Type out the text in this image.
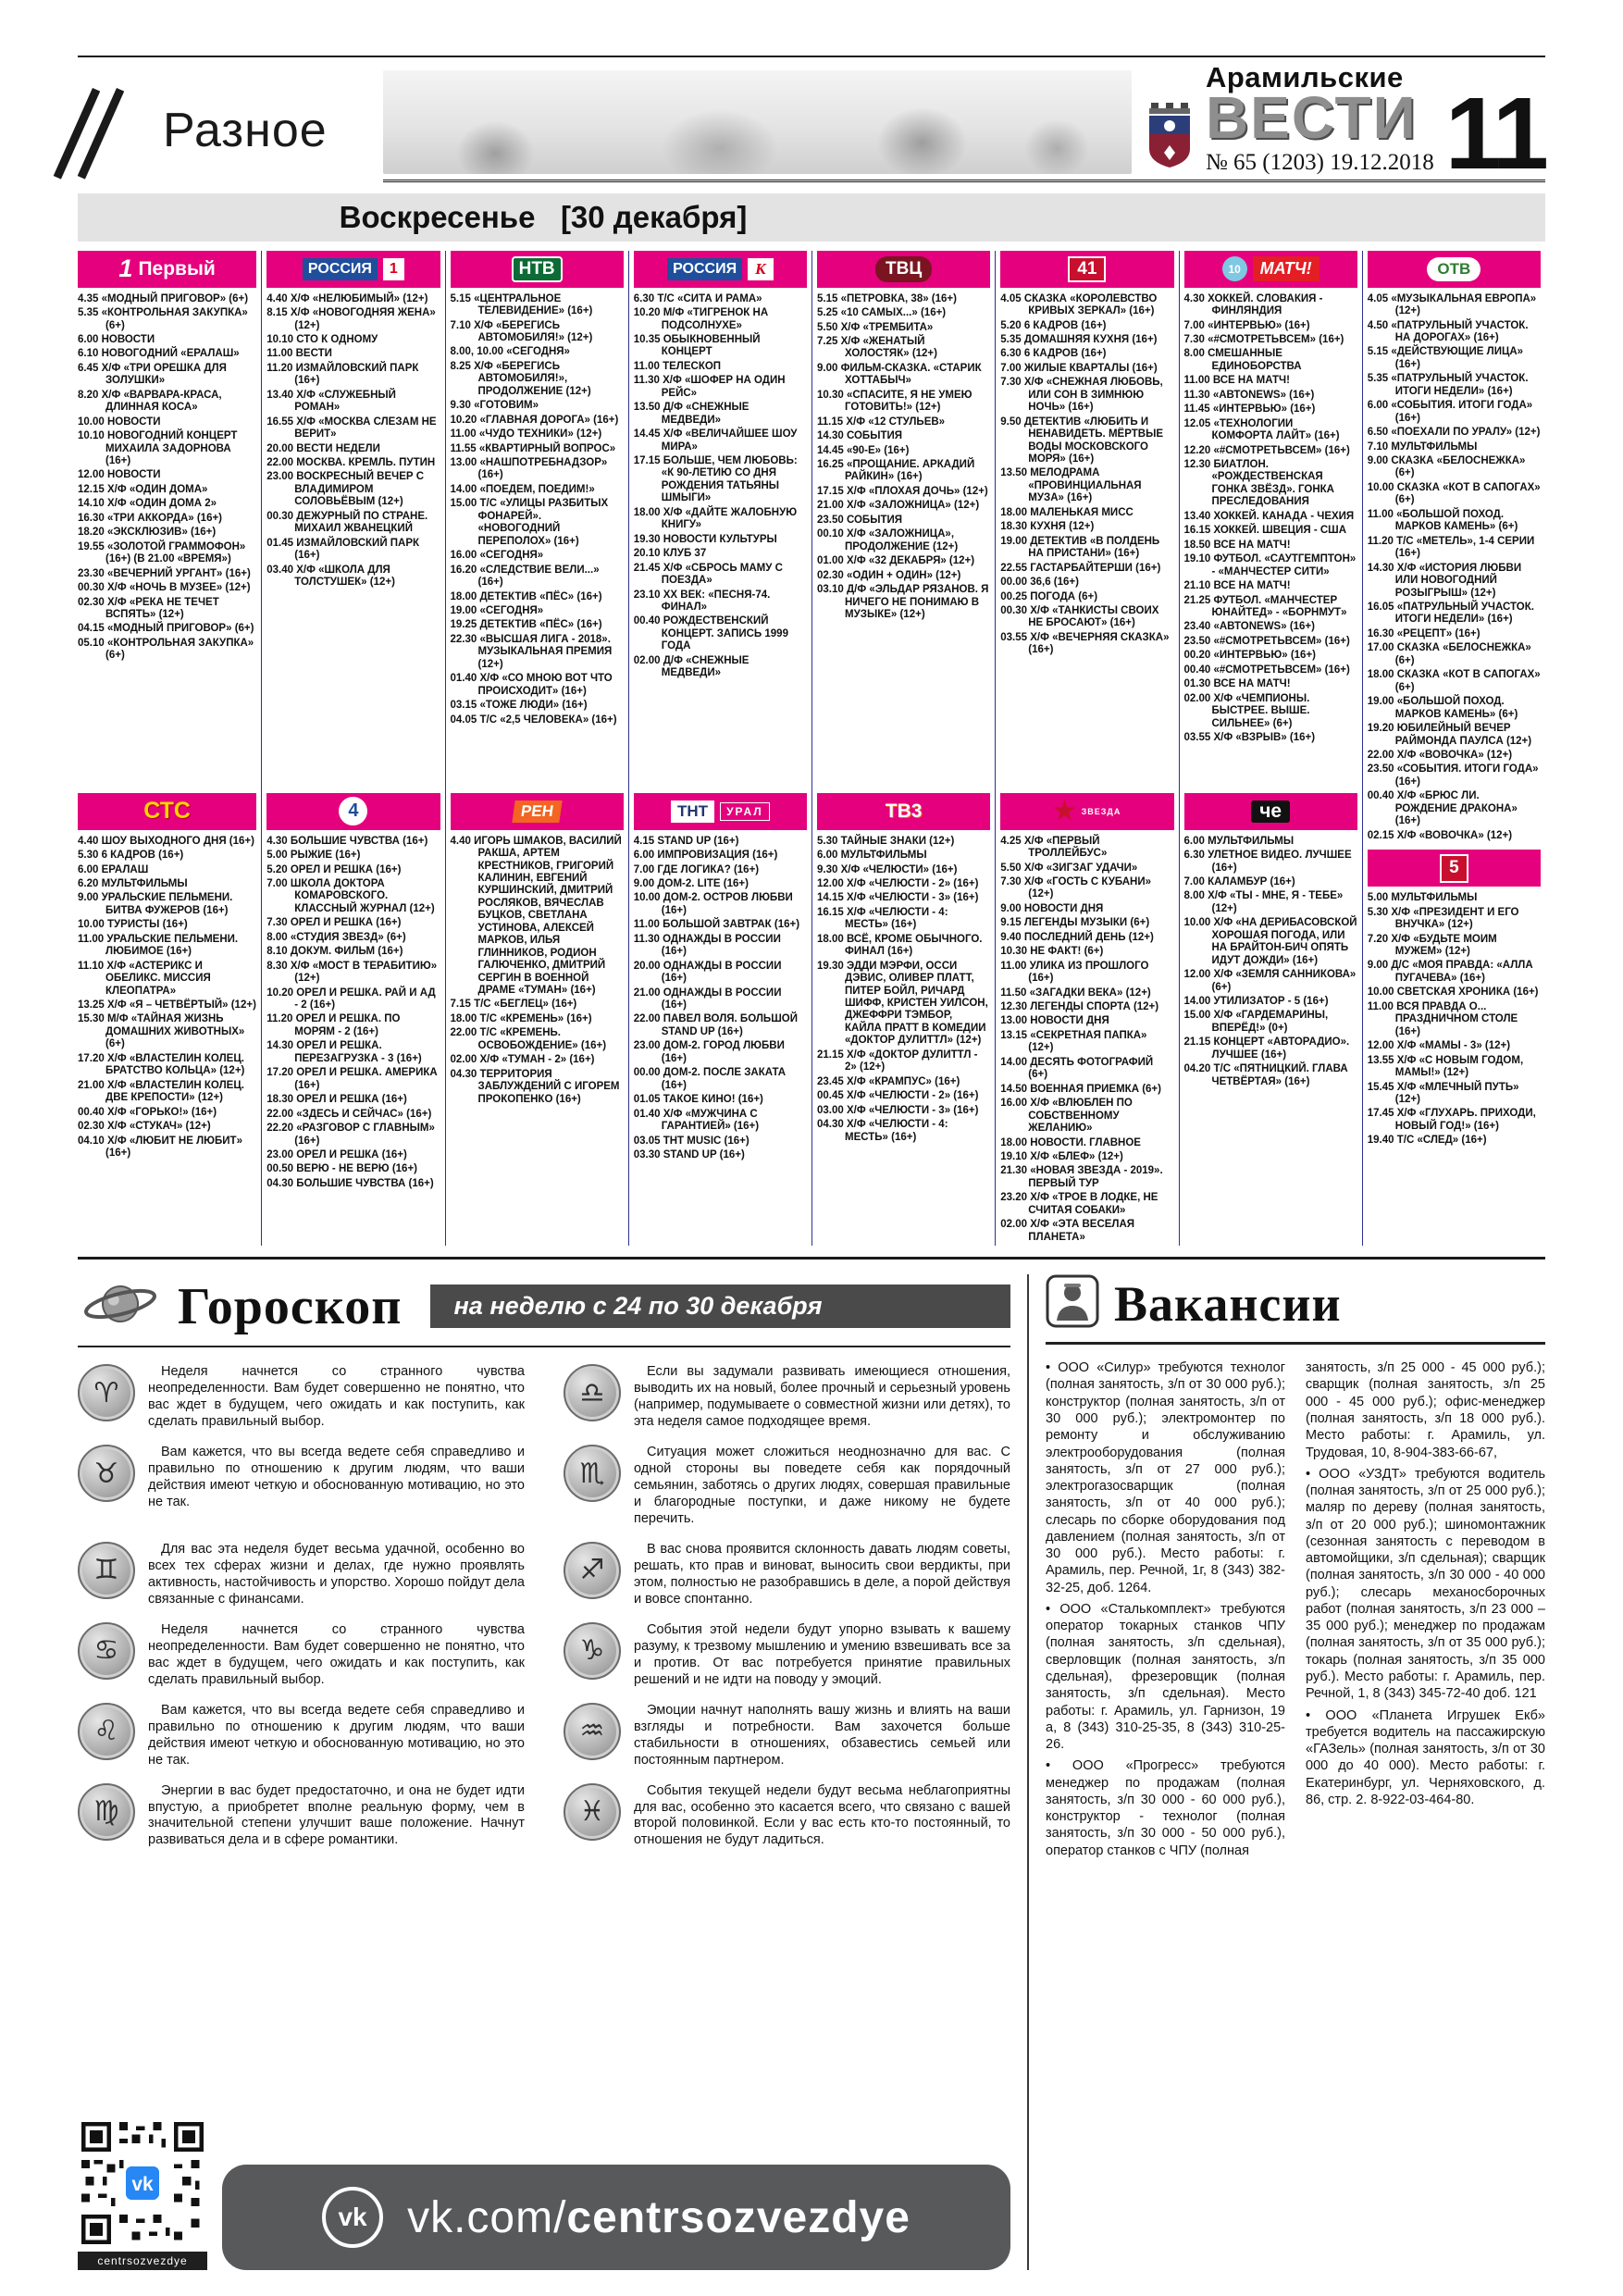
Разное
Арамильские
ВЕСТИ
№ 65 (1203) 19.12.2018 11
Воскресенье   [30 декабря]
1 Первый

4.35 «МОДНЫЙ ПРИГОВОР» (6+)

5.35 «КОНТРОЛЬНАЯ ЗАКУПКА» (6+)

6.00 НОВОСТИ

6.10 НОВОГОДНИЙ «ЕРАЛАШ»

6.45 Х/Ф «ТРИ ОРЕШКА ДЛЯ ЗОЛУШКИ»

8.20 Х/Ф «ВАРВАРА-КРАСА, ДЛИННАЯ КОСА»

10.00 НОВОСТИ

10.10 НОВОГОДНИЙ КОНЦЕРТ МИХАИЛА ЗАДОРНОВА (16+)

12.00 НОВОСТИ

12.15 Х/Ф «ОДИН ДОМА»

14.10 Х/Ф «ОДИН ДОМА 2»

16.30 «ТРИ АККОРДА» (16+)

18.20 «ЭКСКЛЮЗИВ» (16+)

19.55 «ЗОЛОТОЙ ГРАММОФОН» (16+) (В 21.00 «ВРЕМЯ»)

23.30 «ВЕЧЕРНИЙ УРГАНТ» (16+)

00.30 Х/Ф «НОЧЬ В МУЗЕЕ» (12+)

02.30 Х/Ф «РЕКА НЕ ТЕЧЕТ ВСПЯТЬ» (12+)

04.15 «МОДНЫЙ ПРИГОВОР» (6+)

05.10 «КОНТРОЛЬНАЯ ЗАКУПКА» (6+)

СТС

4.40 ШОУ ВЫХОДНОГО ДНЯ (16+)

5.30 6 КАДРОВ (16+)

6.00 ЕРАЛАШ

6.20 МУЛЬТФИЛЬМЫ

9.00 УРАЛЬСКИЕ ПЕЛЬМЕНИ. БИТВА ФУЖЕРОВ (16+)

10.00 ТУРИСТЫ (16+)

11.00 УРАЛЬСКИЕ ПЕЛЬМЕНИ. ЛЮБИМОЕ (16+)

11.10 Х/Ф «АСТЕРИКС И ОБЕЛИКС. МИССИЯ КЛЕОПАТРА»

13.25 Х/Ф «Я – ЧЕТВЁРТЫЙ» (12+)

15.30 М/Ф «ТАЙНАЯ ЖИЗНЬ ДОМАШНИХ ЖИВОТНЫХ» (6+)

17.20 Х/Ф «ВЛАСТЕЛИН КОЛЕЦ. БРАТСТВО КОЛЬЦА» (12+)

21.00 Х/Ф «ВЛАСТЕЛИН КОЛЕЦ. ДВЕ КРЕПОСТИ» (12+)

00.40 Х/Ф «ГОРЬКО!» (16+)

02.30 Х/Ф «СТУКАЧ» (12+)

04.10 Х/Ф «ЛЮБИТ НЕ ЛЮБИТ» (16+)

РОССИЯ	1

4.40 Х/Ф «НЕЛЮБИМЫЙ» (12+)

8.15 Х/Ф «НОВОГОДНЯЯ ЖЕНА» (12+)

10.10 СТО К ОДНОМУ

11.00 ВЕСТИ

11.20 ИЗМАЙЛОВСКИЙ ПАРК (16+)

13.40 Х/Ф «СЛУЖЕБНЫЙ РОМАН»

16.55 Х/Ф «МОСКВА СЛЕЗАМ НЕ ВЕРИТ»

20.00 ВЕСТИ НЕДЕЛИ

22.00 МОСКВА. КРЕМЛЬ. ПУТИН

23.00 ВОСКРЕСНЫЙ ВЕЧЕР С ВЛАДИМИРОМ СОЛОВЬЁВЫМ (12+)

00.30 ДЕЖУРНЫЙ ПО СТРАНЕ. МИХАИЛ ЖВАНЕЦКИЙ

01.45 ИЗМАЙЛОВСКИЙ ПАРК (16+)

03.40 Х/Ф «ШКОЛА ДЛЯ ТОЛСТУШЕК» (12+)

4

4.30 БОЛЬШИЕ ЧУВСТВА (16+)

5.00 РЫЖИЕ (16+)

5.20 ОРЕЛ И РЕШКА (16+)

7.00 ШКОЛА ДОКТОРА КОМАРОВСКОГО. КЛАССНЫЙ ЖУРНАЛ (12+)

7.30 ОРЕЛ И РЕШКА (16+)

8.00 «СТУДИЯ ЗВЕЗД» (6+)

8.10 ДОКУМ. ФИЛЬМ (16+)

8.30 Х/Ф «МОСТ В ТЕРАБИТИЮ» (12+)

10.20 ОРЕЛ И РЕШКА. РАЙ И АД - 2 (16+)

11.20 ОРЕЛ И РЕШКА. ПО МОРЯМ - 2 (16+)

14.30 ОРЕЛ И РЕШКА. ПЕРЕЗАГРУЗКА - 3 (16+)

17.20 ОРЕЛ И РЕШКА. АМЕРИКА (16+)

18.30 ОРЕЛ И РЕШКА (16+)

22.00 «ЗДЕСЬ И СЕЙЧАС» (16+)

22.20 «РАЗГОВОР С ГЛАВНЫМ» (16+)

23.00 ОРЕЛ И РЕШКА (16+)

00.50 ВЕРЮ - НЕ ВЕРЮ (16+)

04.30 БОЛЬШИЕ ЧУВСТВА (16+)

НТВ

5.15 «ЦЕНТРАЛЬНОЕ ТЕЛЕВИДЕНИЕ» (16+)

7.10 Х/Ф «БЕРЕГИСЬ АВТОМОБИЛЯ!» (12+)

8.00, 10.00 «СЕГОДНЯ»

8.25 Х/Ф «БЕРЕГИСЬ АВТОМОБИЛЯ!», ПРОДОЛЖЕНИЕ (12+)

9.30 «ГОТОВИМ»

10.20 «ГЛАВНАЯ ДОРОГА» (16+)

11.00 «ЧУДО ТЕХНИКИ» (12+)

11.55 «КВАРТИРНЫЙ ВОПРОС»

13.00 «НАШПОТРЕБНАДЗОР» (16+)

14.00 «ПОЕДЕМ, ПОЕДИМ!»

15.00 Т/С «УЛИЦЫ РАЗБИТЫХ ФОНАРЕЙ». «НОВОГОДНИЙ ПЕРЕПОЛОХ» (16+)

16.00 «СЕГОДНЯ»

16.20 «СЛЕДСТВИЕ ВЕЛИ...» (16+)

18.00 ДЕТЕКТИВ «ПЁС» (16+)

19.00 «СЕГОДНЯ»

19.25 ДЕТЕКТИВ «ПЁС» (16+)

22.30 «ВЫСШАЯ ЛИГА - 2018». МУЗЫКАЛЬНАЯ ПРЕМИЯ (12+)

01.40 Х/Ф «СО МНОЮ ВОТ ЧТО ПРОИСХОДИТ» (16+)

03.15 «ТОЖЕ ЛЮДИ» (16+)

04.05 Т/С «2,5 ЧЕЛОВЕКА» (16+)

РЕН

4.40 ИГОРЬ ШМАКОВ, ВАСИЛИЙ РАКША, АРТЕМ КРЕСТНИКОВ, ГРИГОРИЙ КАЛИНИН, ЕВГЕНИЙ КУРШИНСКИЙ, ДМИТРИЙ РОСЛЯКОВ, ВЯЧЕСЛАВ БУЦКОВ, СВЕТЛАНА УСТИНОВА, АЛЕКСЕЙ МАРКОВ, ИЛЬЯ ГЛИННИКОВ, РОДИОН ГАЛЮЧЕНКО, ДМИТРИЙ СЕРГИН В ВОЕННОЙ ДРАМЕ «ТУМАН» (16+)

7.15 Т/С «БЕГЛЕЦ» (16+)

18.00 Т/С «КРЕМЕНЬ» (16+)

22.00 Т/С «КРЕМЕНЬ. ОСВОБОЖДЕНИЕ» (16+)

02.00 Х/Ф «ТУМАН - 2» (16+)

04.30 ТЕРРИТОРИЯ ЗАБЛУЖДЕНИЙ С ИГОРЕМ ПРОКОПЕНКО (16+)

РОССИЯ	К

6.30 Т/С «СИТА И РАМА»

10.20 М/Ф «ТИГРЕНОК НА ПОДСОЛНУХЕ»

10.35 ОБЫКНОВЕННЫЙ КОНЦЕРТ

11.00 ТЕЛЕСКОП

11.30 Х/Ф «ШОФЕР НА ОДИН РЕЙС»

13.50 Д/Ф «СНЕЖНЫЕ МЕДВЕДИ»

14.45 Х/Ф «ВЕЛИЧАЙШЕЕ ШОУ МИРА»

17.15 БОЛЬШЕ, ЧЕМ ЛЮБОВЬ: «К 90-ЛЕТИЮ СО ДНЯ РОЖДЕНИЯ ТАТЬЯНЫ ШМЫГИ»

18.00 Х/Ф «ДАЙТЕ ЖАЛОБНУЮ КНИГУ»

19.30 НОВОСТИ КУЛЬТУРЫ

20.10 КЛУБ 37

21.45 Х/Ф «СБРОСЬ МАМУ С ПОЕЗДА»

23.10 XX ВЕК: «ПЕСНЯ-74. ФИНАЛ»

00.40 РОЖДЕСТВЕНСКИЙ КОНЦЕРТ. ЗАПИСЬ 1999 ГОДА

02.00 Д/Ф «СНЕЖНЫЕ МЕДВЕДИ»

ТНТ	УРАЛ

4.15 STAND UP (16+)

6.00 ИМПРОВИЗАЦИЯ (16+)

7.00 ГДЕ ЛОГИКА? (16+)

9.00 ДОМ-2. LITE (16+)

10.00 ДОМ-2. ОСТРОВ ЛЮБВИ (16+)

11.00 БОЛЬШОЙ ЗАВТРАК (16+)

11.30 ОДНАЖДЫ В РОССИИ (16+)

20.00 ОДНАЖДЫ В РОССИИ (16+)

21.00 ОДНАЖДЫ В РОССИИ (16+)

22.00 ПАВЕЛ ВОЛЯ. БОЛЬШОЙ STAND UP (16+)

23.00 ДОМ-2. ГОРОД ЛЮБВИ (16+)

00.00 ДОМ-2. ПОСЛЕ ЗАКАТА (16+)

01.05 ТАКОЕ КИНО! (16+)

01.40 Х/Ф «МУЖЧИНА С ГАРАНТИЕЙ» (16+)

03.05 ТНТ MUSIC (16+)

03.30 STAND UP (16+)

ТВЦ

5.15 «ПЕТРОВКА, 38» (16+)

5.25 «10 САМЫХ...» (16+)

5.50 Х/Ф «ТРЕМБИТА»

7.25 Х/Ф «ЖЕНАТЫЙ ХОЛОСТЯК» (12+)

9.00 ФИЛЬМ-СКАЗКА. «СТАРИК ХОТТАБЫЧ»

10.30 «СПАСИТЕ, Я НЕ УМЕЮ ГОТОВИТЬ!» (12+)

11.15 Х/Ф «12 СТУЛЬЕВ»

14.30 СОБЫТИЯ

14.45 «90-Е» (16+)

16.25 «ПРОЩАНИЕ. АРКАДИЙ РАЙКИН» (16+)

17.15 Х/Ф «ПЛОХАЯ ДОЧЬ» (12+)

21.00 Х/Ф «ЗАЛОЖНИЦА» (12+)

23.50 СОБЫТИЯ

00.10 Х/Ф «ЗАЛОЖНИЦА», ПРОДОЛЖЕНИЕ (12+)

01.00 Х/Ф «32 ДЕКАБРЯ» (12+)

02.30 «ОДИН + ОДИН» (12+)

03.10 Д/Ф «ЭЛЬДАР РЯЗАНОВ. Я НИЧЕГО НЕ ПОНИМАЮ В МУЗЫКЕ» (12+)

ТВ3

5.30 ТАЙНЫЕ ЗНАКИ (12+)

6.00 МУЛЬТФИЛЬМЫ

9.30 Х/Ф «ЧЕЛЮСТИ» (16+)

12.00 Х/Ф «ЧЕЛЮСТИ - 2» (16+)

14.15 Х/Ф «ЧЕЛЮСТИ - 3» (16+)

16.15 Х/Ф «ЧЕЛЮСТИ - 4: МЕСТЬ» (16+)

18.00 ВСЁ, КРОМЕ ОБЫЧНОГО. ФИНАЛ (16+)

19.30 ЭДДИ МЭРФИ, ОССИ ДЭВИС, ОЛИВЕР ПЛАТТ, ПИТЕР БОЙЛ, РИЧАРД ШИФФ, КРИСТЕН УИЛСОН, ДЖЕФФРИ ТЭМБОР, КАЙЛА ПРАТТ В КОМЕДИИ «ДОКТОР ДУЛИТТЛ» (12+)

21.15 Х/Ф «ДОКТОР ДУЛИТТЛ - 2» (12+)

23.45 Х/Ф «КРАМПУС» (16+)

00.45 Х/Ф «ЧЕЛЮСТИ - 2» (16+)

03.00 Х/Ф «ЧЕЛЮСТИ - 3» (16+)

04.30 Х/Ф «ЧЕЛЮСТИ - 4: МЕСТЬ» (16+)

41

4.05 СКАЗКА «КОРОЛЕВСТВО КРИВЫХ ЗЕРКАЛ» (16+)

5.20 6 КАДРОВ (16+)

5.35 ДОМАШНЯЯ КУХНЯ (16+)

6.30 6 КАДРОВ (16+)

7.00 ЖИЛЫЕ КВАРТАЛЫ (16+)

7.30 Х/Ф «СНЕЖНАЯ ЛЮБОВЬ, ИЛИ СОН В ЗИМНЮЮ НОЧЬ» (16+)

9.50 ДЕТЕКТИВ «ЛЮБИТЬ И НЕНАВИДЕТЬ. МЁРТВЫЕ ВОДЫ МОСКОВСКОГО МОРЯ» (16+)

13.50 МЕЛОДРАМА «ПРОВИНЦИАЛЬНАЯ МУЗА» (16+)

18.00 МАЛЕНЬКАЯ МИСС

18.30 КУХНЯ (12+)

19.00 ДЕТЕКТИВ «В ПОЛДЕНЬ НА ПРИСТАНИ» (16+)

22.55 ГАСТАРБАЙТЕРШИ (16+)

00.00 36,6 (16+)

00.25 ПОГОДА (6+)

00.30 Х/Ф «ТАНКИСТЫ СВОИХ НЕ БРОСАЮТ» (16+)

03.55 Х/Ф «ВЕЧЕРНЯЯ СКАЗКА» (16+)

★ ЗВЕЗДА

4.25 Х/Ф «ПЕРВЫЙ ТРОЛЛЕЙБУС»

5.50 Х/Ф «ЗИГЗАГ УДАЧИ»

7.30 Х/Ф «ГОСТЬ С КУБАНИ» (12+)

9.00 НОВОСТИ ДНЯ

9.15 ЛЕГЕНДЫ МУЗЫКИ (6+)

9.40 ПОСЛЕДНИЙ ДЕНЬ (12+)

10.30 НЕ ФАКТ! (6+)

11.00 УЛИКА ИЗ ПРОШЛОГО (16+)

11.50 «ЗАГАДКИ ВЕКА» (12+)

12.30 ЛЕГЕНДЫ СПОРТА (12+)

13.00 НОВОСТИ ДНЯ

13.15 «СЕКРЕТНАЯ ПАПКА» (12+)

14.00 ДЕСЯТЬ ФОТОГРАФИЙ (6+)

14.50 ВОЕННАЯ ПРИЕМКА (6+)

16.00 Х/Ф «ВЛЮБЛЕН ПО СОБСТВЕННОМУ ЖЕЛАНИЮ»

18.00 НОВОСТИ. ГЛАВНОЕ

19.10 Х/Ф «БЛЕФ» (12+)

21.30 «НОВАЯ ЗВЕЗДА - 2019». ПЕРВЫЙ ТУР

23.20 Х/Ф «ТРОЕ В ЛОДКЕ, НЕ СЧИТАЯ СОБАКИ»

02.00 Х/Ф «ЭТА ВЕСЕЛАЯ ПЛАНЕТА»

10	МАТЧ!

4.30 ХОККЕЙ. СЛОВАКИЯ - ФИНЛЯНДИЯ

7.00 «ИНТЕРВЬЮ» (16+)

7.30 «#СМОТРЕТЬВСЕМ» (16+)

8.00 СМЕШАННЫЕ ЕДИНОБОРСТВА

11.00 ВСЕ НА МАТЧ!

11.30 «АВТОNEWS» (16+)

11.45 «ИНТЕРВЬЮ» (16+)

12.05 «ТЕХНОЛОГИИ КОМФОРТА ЛАЙТ» (16+)

12.20 «#СМОТРЕТЬВСЕМ» (16+)

12.30 БИАТЛОН. «РОЖДЕСТВЕНСКАЯ ГОНКА ЗВЁЗД». ГОНКА ПРЕСЛЕДОВАНИЯ

13.40 ХОККЕЙ. КАНАДА - ЧЕХИЯ

16.15 ХОККЕЙ. ШВЕЦИЯ - США

18.50 ВСЕ НА МАТЧ!

19.10 ФУТБОЛ. «САУТГЕМПТОН» - «МАНЧЕСТЕР СИТИ»

21.10 ВСЕ НА МАТЧ!

21.25 ФУТБОЛ. «МАНЧЕСТЕР ЮНАЙТЕД» - «БОРНМУТ»

23.40 «АВТОNEWS» (16+)

23.50 «#СМОТРЕТЬВСЕМ» (16+)

00.20 «ИНТЕРВЬЮ» (16+)

00.40 «#СМОТРЕТЬВСЕМ» (16+)

01.30 ВСЕ НА МАТЧ!

02.00 Х/Ф «ЧЕМПИОНЫ. БЫСТРЕЕ. ВЫШЕ. СИЛЬНЕЕ» (6+)

03.55 Х/Ф «ВЗРЫВ» (16+)

че

6.00 МУЛЬТФИЛЬМЫ

6.30 УЛЕТНОЕ ВИДЕО. ЛУЧШЕЕ (16+)

7.00 КАЛАМБУР (16+)

8.00 Х/Ф «ТЫ - МНЕ, Я - ТЕБЕ» (12+)

10.00 Х/Ф «НА ДЕРИБАСОВСКОЙ ХОРОШАЯ ПОГОДА, ИЛИ НА БРАЙТОН-БИЧ ОПЯТЬ ИДУТ ДОЖДИ» (16+)

12.00 Х/Ф «ЗЕМЛЯ САННИКОВА» (6+)

14.00 УТИЛИЗАТОР - 5 (16+)

15.00 Х/Ф «ГАРДЕМАРИНЫ, ВПЕРЁД!» (0+)

21.15 КОНЦЕРТ «АВТОРАДИО». ЛУЧШЕЕ (16+)

04.20 Т/С «ПЯТНИЦКИЙ. ГЛАВА ЧЕТВЁРТАЯ» (16+)

ОТВ

4.05 «МУЗЫКАЛЬНАЯ ЕВРОПА» (12+)

4.50 «ПАТРУЛЬНЫЙ УЧАСТОК. НА ДОРОГАХ» (16+)

5.15 «ДЕЙСТВУЮЩИЕ ЛИЦА» (16+)

5.35 «ПАТРУЛЬНЫЙ УЧАСТОК. ИТОГИ НЕДЕЛИ» (16+)

6.00 «СОБЫТИЯ. ИТОГИ ГОДА» (16+)

6.50 «ПОЕХАЛИ ПО УРАЛУ» (12+)

7.10 МУЛЬТФИЛЬМЫ

9.00 СКАЗКА «БЕЛОСНЕЖКА» (6+)

10.00 СКАЗКА «КОТ В САПОГАХ» (6+)

11.00 «БОЛЬШОЙ ПОХОД. МАРКОВ КАМЕНЬ» (6+)

11.20 Т/С «МЕТЕЛЬ», 1-4 СЕРИИ (16+)

14.30 Х/Ф «ИСТОРИЯ ЛЮБВИ ИЛИ НОВОГОДНИЙ РОЗЫГРЫШ» (12+)

16.05 «ПАТРУЛЬНЫЙ УЧАСТОК. ИТОГИ НЕДЕЛИ» (16+)

16.30 «РЕЦЕПТ» (16+)

17.00 СКАЗКА «БЕЛОСНЕЖКА» (6+)

18.00 СКАЗКА «КОТ В САПОГАХ» (6+)

19.00 «БОЛЬШОЙ ПОХОД. МАРКОВ КАМЕНЬ» (6+)

19.20 ЮБИЛЕЙНЫЙ ВЕЧЕР РАЙМОНДА ПАУЛСА (12+)

22.00 Х/Ф «ВОВОЧКА» (12+)

23.50 «СОБЫТИЯ. ИТОГИ ГОДА» (16+)

00.40 Х/Ф «БРЮС ЛИ. РОЖДЕНИЕ ДРАКОНА» (16+)

02.15 Х/Ф «ВОВОЧКА» (12+)

5

5.00 МУЛЬТФИЛЬМЫ

5.30 Х/Ф «ПРЕЗИДЕНТ И ЕГО ВНУЧКА» (12+)

7.20 Х/Ф «БУДЬТЕ МОИМ МУЖЕМ» (12+)

9.00 Д/С «МОЯ ПРАВДА: «АЛЛА ПУГАЧЕВА» (16+)

10.00 СВЕТСКАЯ ХРОНИКА (16+)

11.00 ВСЯ ПРАВДА О... ПРАЗДНИЧНОМ СТОЛЕ (16+)

12.00 Х/Ф «МАМЫ - 3» (12+)

13.55 Х/Ф «С НОВЫМ ГОДОМ, МАМЫ!» (12+)

15.45 Х/Ф «МЛЕЧНЫЙ ПУТЬ» (12+)

17.45 Х/Ф «ГЛУХАРЬ. ПРИХОДИ, НОВЫЙ ГОД!» (16+)

19.40 Т/С «СЛЕД» (16+)

Гороскоп	на неделю с 24 по 30 декабря
♈

Неделя начнется со странного чувства неопределенности. Вам будет совершенно не понятно, что вас ждет в будущем, чего ожидать и как поступить, как сделать правильный выбор.

♉

Вам кажется, что вы всегда ведете себя справедливо и правильно по отношению к другим людям, что ваши действия имеют четкую и обоснованную мотивацию, но это не так.

♊

Для вас эта неделя будет весьма удачной, особенно во всех тех сферах жизни и делах, где нужно проявлять активность, настойчивость и упорство. Хорошо пойдут дела связанные с финансами.

♋

Неделя начнется со странного чувства неопределенности. Вам будет совершенно не понятно, что вас ждет в будущем, чего ожидать и как поступить, как сделать правильный выбор.

♌

Вам кажется, что вы всегда ведете себя справедливо и правильно по отношению к другим людям, что ваши действия имеют четкую и обоснованную мотивацию, но это не так.

♍

Энергии в вас будет предостаточно, и она не будет идти впустую, а приобретет вполне реальную форму, чем в значительной степени улучшит ваше положение. Начнут развиваться дела и в сфере романтики.

♎

Если вы задумали развивать имеющиеся отношения, выводить их на новый, более прочный и серьезный уровень (например, подумываете о совместной жизни или детях), то эта неделя самое подходящее время.

♏

Ситуация может сложиться неоднозначно для вас. С одной стороны вы поведете себя как порядочный семьянин, заботясь о других людях, совершая правильные и благородные поступки, и даже никому не будете перечить.

♐

В вас снова проявится склонность давать людям советы, решать, кто прав и виноват, выносить свои вердикты, при этом, полностью не разобравшись в деле, а порой действуя и вовсе спонтанно.

♑

События этой недели будут упорно взывать к вашему разуму, к трезвому мышлению и умению взвешивать все за и против. От вас потребуется принятие правильных решений и не идти на поводу у эмоций.

♒

Эмоции начнут наполнять вашу жизнь и влиять на ваши взгляды и потребности. Вам захочется больше стабильности в отношениях, обзавестись семьей или постоянным партнером.

♓

События текущей недели будут весьма неблагоприятны для вас, особенно это касается всего, что связано с вашей второй половинкой. Если у вас есть кто-то постоянный, то отношения не будут ладиться.

vk
centrsozvezdye
vk vk.com/centrsozvezdye
Вакансии

• ООО «Силур» требуются технолог (полная занятость, з/п от 30 000 руб.); конструктор (полная занятость, з/п от 30 000 руб.); электромонтер по ремонту и обслуживанию электрооборудования (полная занятость, з/п от 27 000 руб.); электрогазосварщик (полная занятость, з/п от 40 000 руб.); слесарь по сборке оборудования под давлением (полная занятость, з/п от 30 000 руб.). Место работы: г. Арамиль, пер. Речной, 1г, 8 (343) 382-32-25, доб. 1264.

• ООО «Сталькомплект» требуются оператор токарных станков ЧПУ (полная занятость, з/п сдельная), сверловщик (полная занятость, з/п сдельная), фрезеровщик (полная занятость, з/п сдельная). Место работы: г. Арамиль, ул. Гарнизон, 19 а, 8 (343) 310-25-35, 8 (343) 310-25-26.

• ООО «Прогресс» требуются менеджер по продажам (полная занятость, з/п 30 000 - 60 000 руб.), конструктор - технолог (полная занятость, з/п 30 000 - 50 000 руб.), оператор станков с ЧПУ (полная

занятость, з/п 25 000 - 45 000 руб.); сварщик (полная занятость, з/п 25 000 - 45 000 руб.); офис-менеджер (полная занятость, з/п 18 000 руб.). Место работы: г. Арамиль, ул. Трудовая, 10, 8-904-383-66-67,

• ООО «УЗДТ» требуются водитель (полная занятость, з/п от 25 000 руб.); маляр по дереву (полная занятость, з/п от 20 000 руб.); шиномонтажник (сезонная занятость с переводом в автомойщики, з/п сдельная); сварщик (полная занятость, з/п 30 000 - 40 000 руб.); слесарь механосборочных работ (полная занятость, з/п 23 000 – 35 000 руб.); менеджер по продажам (полная занятость, з/п от 35 000 руб.); токарь (полная занятость, з/п 35 000 руб.). Место работы: г. Арамиль, пер. Речной, 1, 8 (343) 345-72-40 доб. 121

• ООО «Планета Игрушек Екб» требуется водитель на пассажирскую «ГАЗель» (полная занятость, з/п от 30 000 до 40 000). Место работы: г. Екатеринбург, ул. Черняховского, д. 86, стр. 2. 8-922-03-464-80.
